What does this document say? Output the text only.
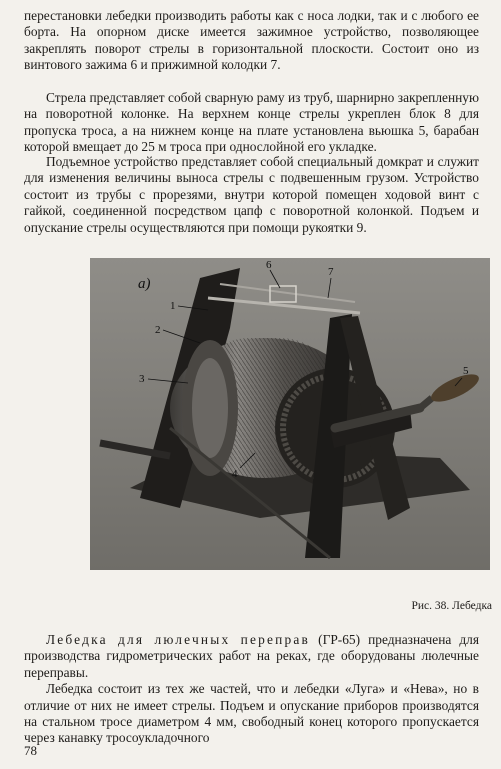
перестановки лебедки производить работы как с носа лодки, так и с любого ее борта. На опорном диске имеется зажимное устройство, позволяющее закреплять поворот стрелы в горизонтальной плоскости. Состоит оно из винтового зажима 6 и прижимной колодки 7.

Стрела представляет собой сварную раму из труб, шарнирно закрепленную на поворотной колонке. На верхнем конце стрелы укреплен блок 8 для пропуска троса, а на нижнем конце на плате установлена вьюшка 5, барабан которой вмещает до 25 м троса при однослойной его укладке.

Подъемное устройство представляет собой специальный домкрат и служит для изменения величины выноса стрелы с подвешенным грузом. Устройство состоит из трубы с прорезями, внутри которой помещен ходовой винт с гайкой, соединенной посредством цапф с поворотной колонкой. Подъем и опускание стрелы осуществляются при помощи рукоятки 9.

а)
1
2
3
4
5
6
7

Рис. 38. Лебедка

Лебедка для люлечных переправ (ГР-65) предназначена для производства гидрометрических работ на реках, где оборудованы люлечные переправы.
Лебедка состоит из тех же частей, что и лебедки «Луга» и «Нева», но в отличие от них не имеет стрелы. Подъем и опускание приборов производятся на стальном тросе диаметром 4 мм, свободный конец которого пропускается через канавку тросоукладочного

78
